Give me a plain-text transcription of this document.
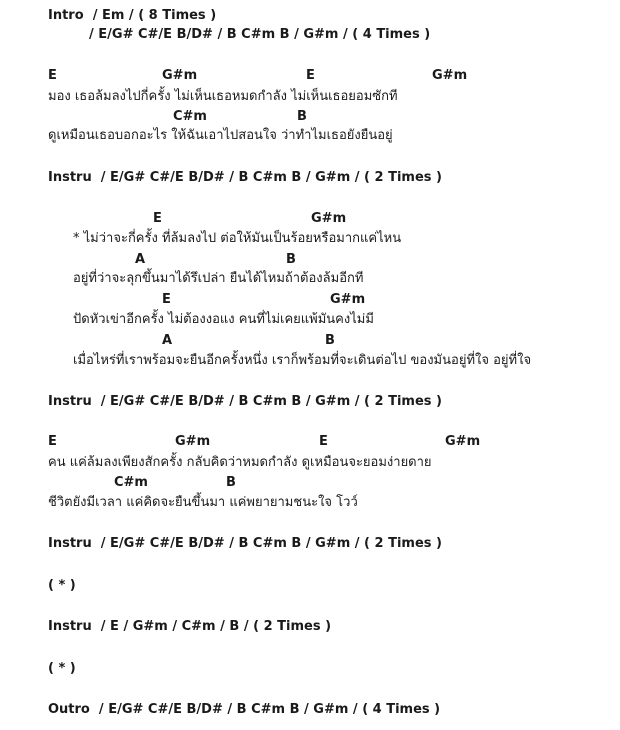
Intro  / Em / ( 8 Times )
/ E/G# C#/E B/D# / B C#m B / G#m / ( 4 Times )
E	G#m	E	G#m
มอง เธอล้มลงไปกี่ครั้ง ไม่เห็นเธอหมดกำลัง ไม่เห็นเธอยอมซักที
C#m	B
ดูเหมือนเธอบอกอะไร ให้ฉันเอาไปสอนใจ ว่าทำไมเธอยังยืนอยู่
Instru  / E/G# C#/E B/D# / B C#m B / G#m / ( 2 Times )
E	G#m
* ไม่ว่าจะกี่ครั้ง ที่ล้มลงไป ต่อให้มันเป็นร้อยหรือมากแค่ไหน
A	B
อยู่ที่ว่าจะลุกขึ้นมาได้รึเปล่า ยืนได้ไหมถ้าต้องล้มอีกที
E	G#m
ปัดหัวเข่าอีกครั้ง ไม่ต้องงอแง คนที่ไม่เคยแพ้มันคงไม่มี
A	B
เมื่อไหร่ที่เราพร้อมจะยืนอีกครั้งหนึ่ง เราก็พร้อมที่จะเดินต่อไป ของมันอยู่ที่ใจ อยู่ที่ใจ
Instru  / E/G# C#/E B/D# / B C#m B / G#m / ( 2 Times )
E	G#m	E	G#m
คน แค่ล้มลงเพียงสักครั้ง กลับคิดว่าหมดกำลัง ดูเหมือนจะยอมง่ายดาย
C#m	B
ชีวิตยังมีเวลา แค่คิดจะยืนขึ้นมา แค่พยายามชนะใจ โวว์
Instru  / E/G# C#/E B/D# / B C#m B / G#m / ( 2 Times )
( * )
Instru  / E / G#m / C#m / B / ( 2 Times )
( * )
Outro  / E/G# C#/E B/D# / B C#m B / G#m / ( 4 Times )
